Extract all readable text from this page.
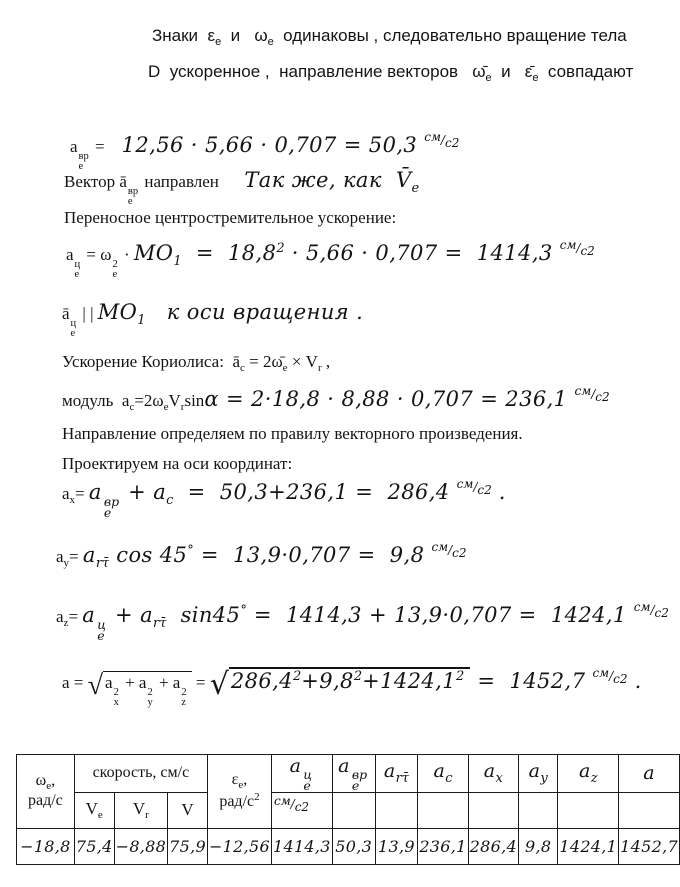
Знаки  $\varepsilon_е$  и   $\omega_е$  одинаковы , следовательно вращение тела
D  ускоренное ,  направление векторов   $\omegā_е$  и   $\varepsilon̄_е$  совпадают
a
вр
е
=    12,56 · 5,66 · 0,707 = 50,3 $^{см/с2}$
Вектор ā
вр
е
направлен      Так же, как  $V̄_е$
Переносное центростремительное ускорение:
a
ц
е
= ω
2
е
· $MO_1 = 18,8^2 \cdot 5,66 \cdot 0,707 = 1414,3$ $^{см/с2}$
ā
ц
е
| | $MO_1$   к оси вращения .
Ускорение Кориолиса:  $ā_с$ = $2\omegā_е \times V_r$ ,
модуль  $a_с=2\omega_еV_r\sin\alpha = 2\cdot 18,8 \cdot 8,88 \cdot 0,707 = 236,1$ $^{см/с2}$
Направление определяем по правилу векторного произведения.
Проектируем на оси координат:
$a_x= a$ вр
е
+ $a_с = 50,3+236,1 = 286,4$ $^{см/с2}$ .
$a_y= a_{r\taū}$ cos 45° =  13,9·0,707 =  9,8 $^{см/с2}$
$a_z= a$ ц
е
+ $a_{r\taū}$  sin45° =  1414,3 + 13,9·0,707 =  1424,1 $^{см/с2}$
a = √ a
2
x
+ a
2
y
+ a
2
z
= $√286,4^2+9,8^2+1424,1^2 = 1452,7$ $^{см/с2}$ .
$\omega_е$,
рад/с	скорость, см/с			$\varepsilon_е$,
рад/$с^2$	a ц
е	a вр
е	$a_{r\taū}$	$a_с$	$a_x$	$a_y$	$a_z$	a
	$V_е$	$V_r$	V		$^{см/с2}$							
−18,8	75,4	−8,88	75,9	−12,56	1414,3	50,3	13,9	236,1	286,4	9,8	1424,1	1452,7
